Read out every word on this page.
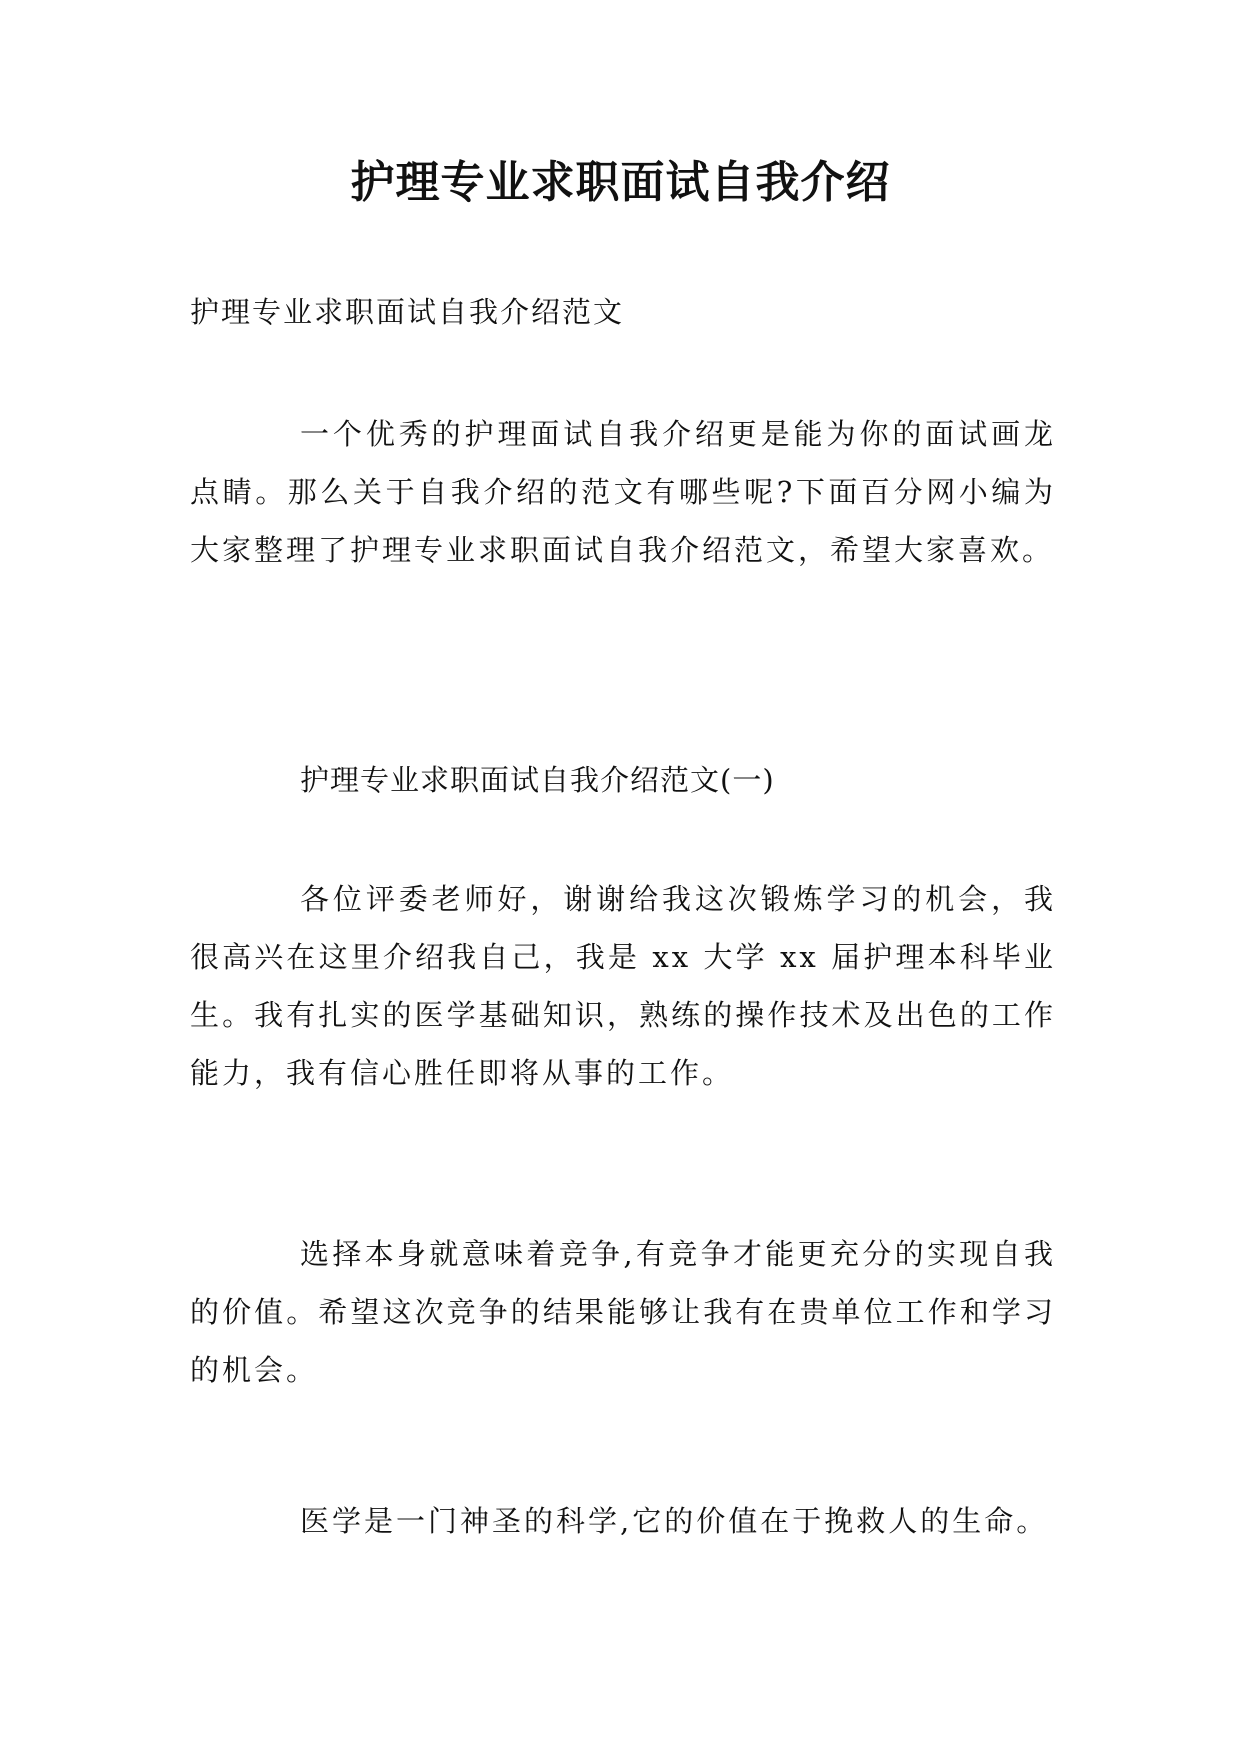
护理专业求职面试自我介绍
护理专业求职面试自我介绍范文

一个优秀的护理面试自我介绍更是能为你的面试画龙点睛。那么关于自我介绍的范文有哪些呢?下面百分网小编为大家整理了护理专业求职面试自我介绍范文，希望大家喜欢。

护理专业求职面试自我介绍范文(一)

各位评委老师好，谢谢给我这次锻炼学习的机会，我很高兴在这里介绍我自己，我是 xx 大学 xx 届护理本科毕业生。我有扎实的医学基础知识，熟练的操作技术及出色的工作能力，我有信心胜任即将从事的工作。

选择本身就意味着竞争,有竞争才能更充分的实现自我的价值。希望这次竞争的结果能够让我有在贵单位工作和学习的机会。

医学是一门神圣的科学,它的价值在于挽救人的生命。
